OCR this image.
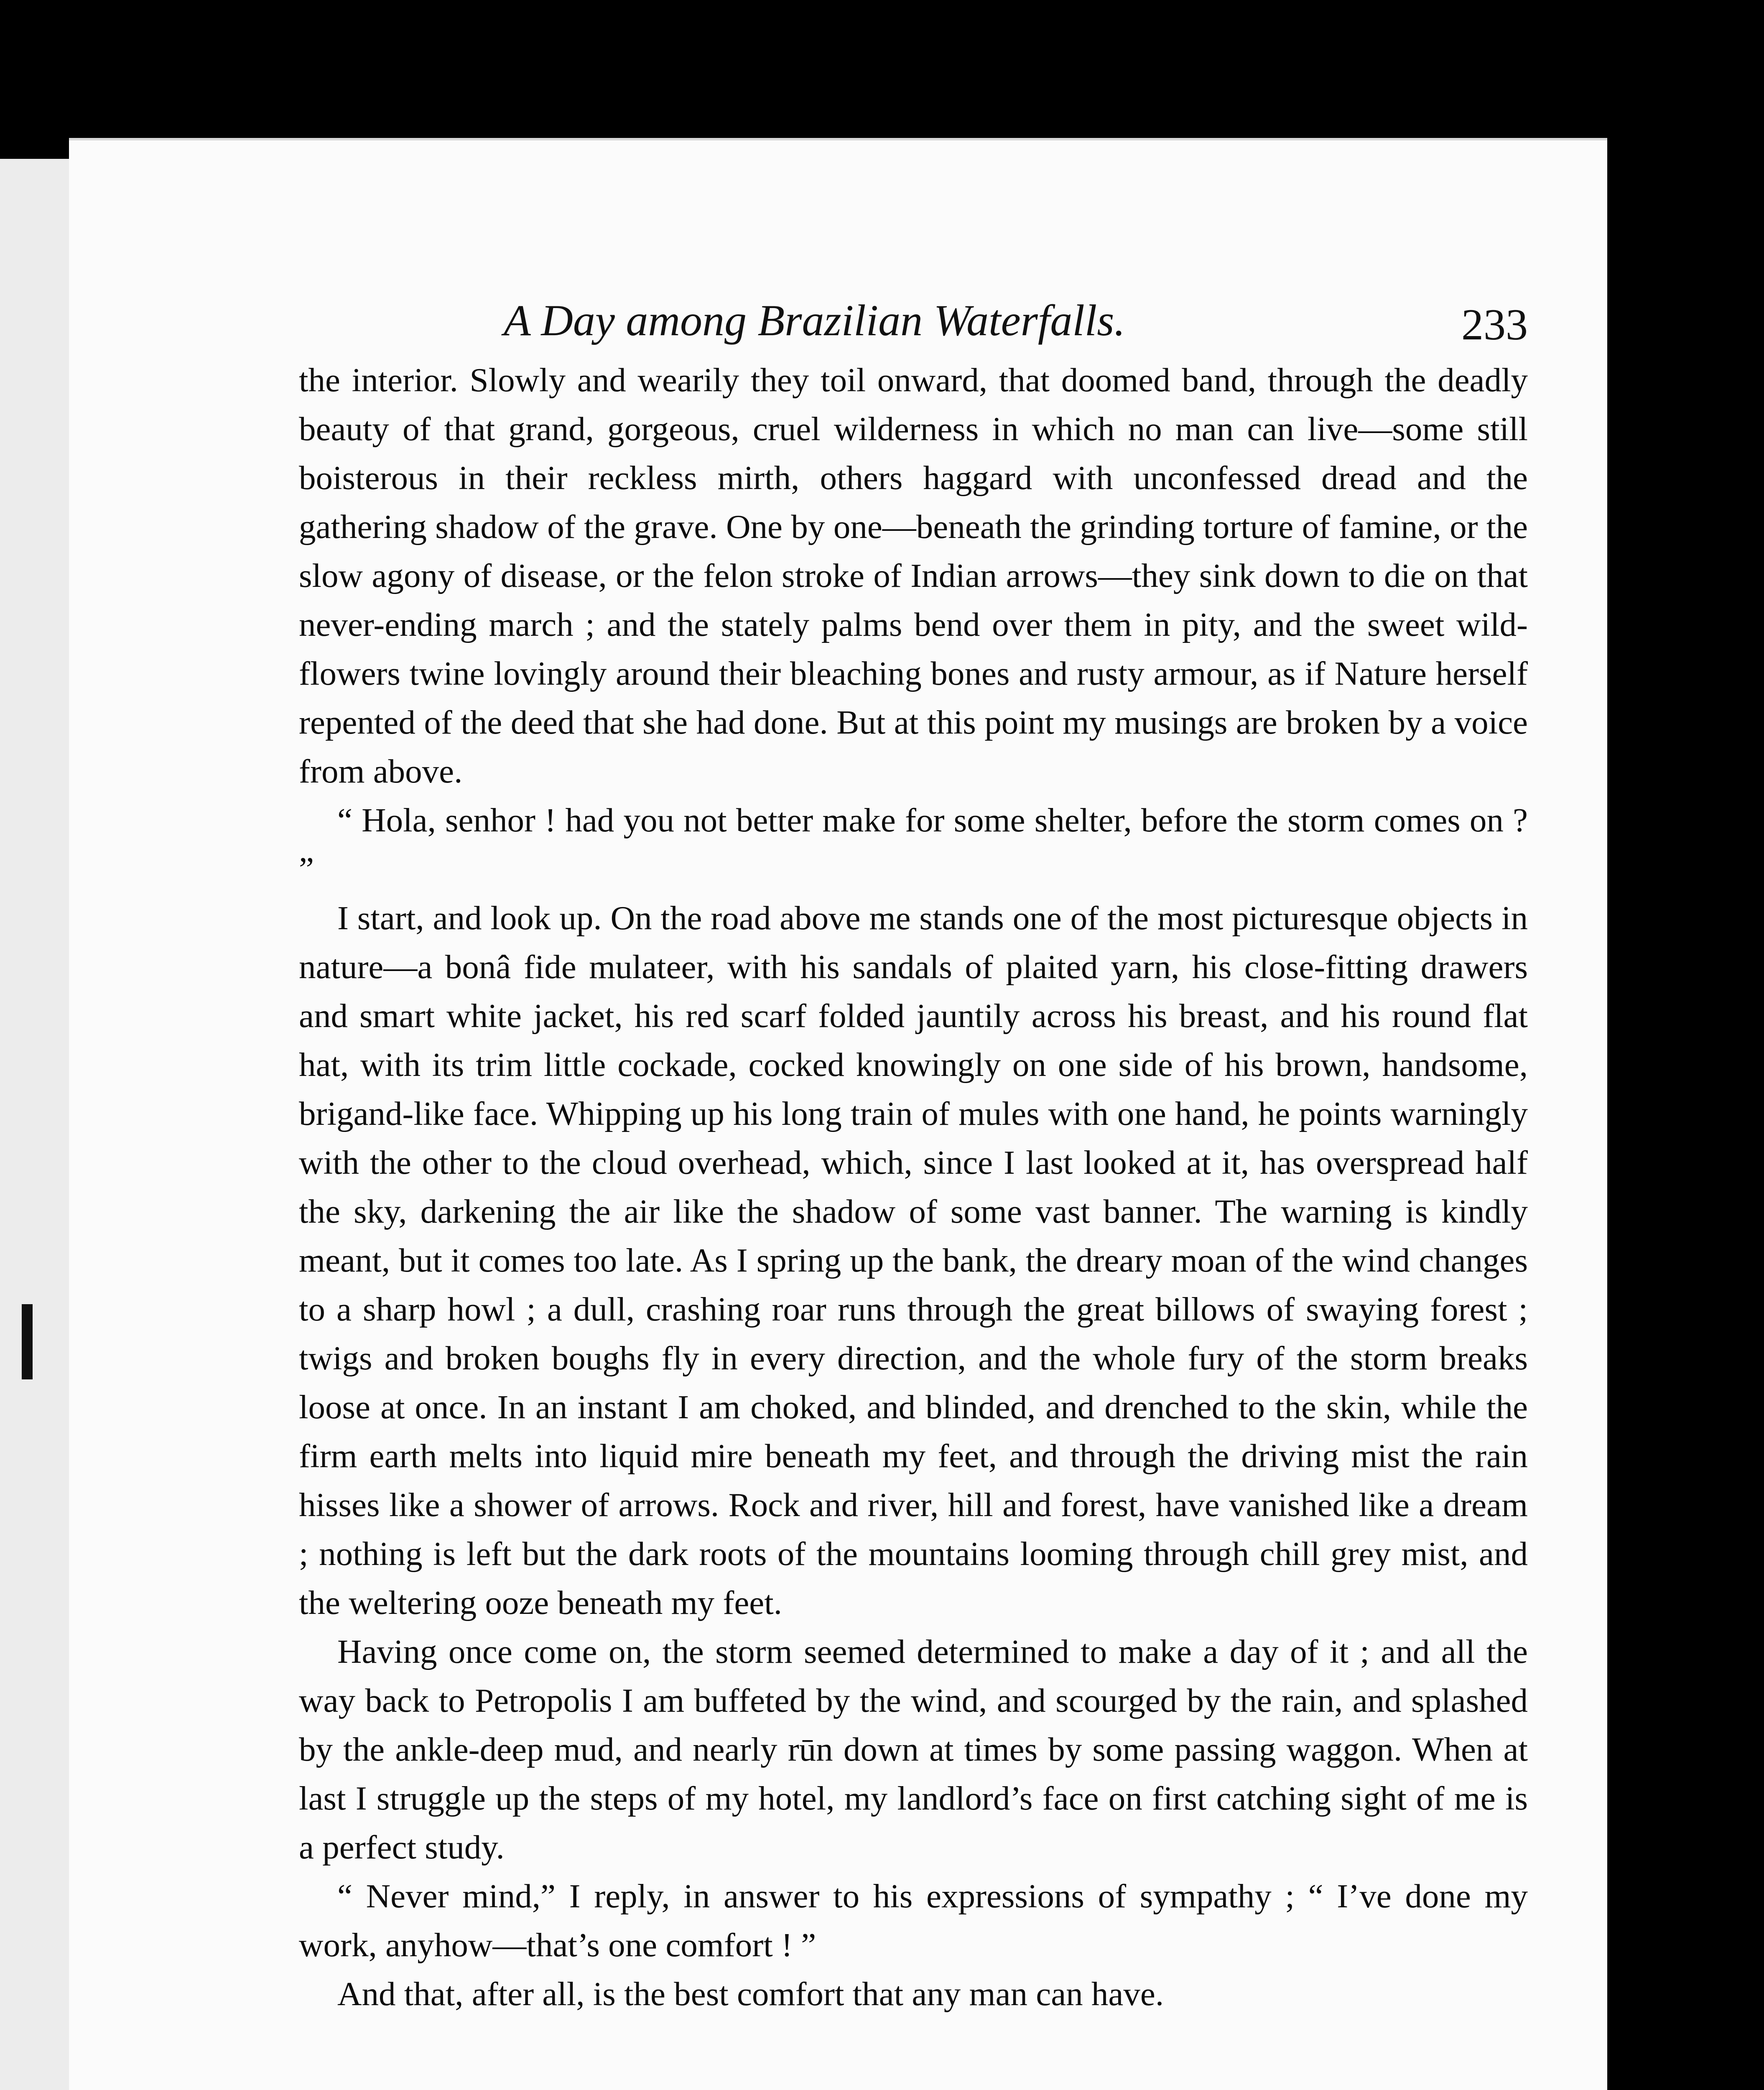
A Day among Brazilian Waterfalls.	233

the interior. Slowly and wearily they toil onward, that doomed band, through the deadly beauty of that grand, gorgeous, cruel wilderness in which no man can live—some still boisterous in their reckless mirth, others haggard with unconfessed dread and the gathering shadow of the grave. One by one—beneath the grinding torture of famine, or the slow agony of disease, or the felon stroke of Indian arrows—they sink down to die on that never-ending march ; and the stately palms bend over them in pity, and the sweet wild-flowers twine lovingly around their bleaching bones and rusty armour, as if Nature herself repented of the deed that she had done. But at this point my musings are broken by a voice from above.

“ Hola, senhor ! had you not better make for some shelter, before the storm comes on ? ”

I start, and look up. On the road above me stands one of the most picturesque objects in nature—a bonâ fide mulateer, with his sandals of plaited yarn, his close-fitting drawers and smart white jacket, his red scarf folded jauntily across his breast, and his round flat hat, with its trim little cockade, cocked knowingly on one side of his brown, handsome, brigand-like face. Whipping up his long train of mules with one hand, he points warningly with the other to the cloud overhead, which, since I last looked at it, has overspread half the sky, darkening the air like the shadow of some vast banner. The warning is kindly meant, but it comes too late. As I spring up the bank, the dreary moan of the wind changes to a sharp howl ; a dull, crashing roar runs through the great billows of swaying forest ; twigs and broken boughs fly in every direction, and the whole fury of the storm breaks loose at once. In an instant I am choked, and blinded, and drenched to the skin, while the firm earth melts into liquid mire beneath my feet, and through the driving mist the rain hisses like a shower of arrows. Rock and river, hill and forest, have vanished like a dream ; nothing is left but the dark roots of the mountains looming through chill grey mist, and the weltering ooze beneath my feet.

Having once come on, the storm seemed determined to make a day of it ; and all the way back to Petropolis I am buffeted by the wind, and scourged by the rain, and splashed by the ankle-deep mud, and nearly rūn down at times by some passing waggon. When at last I struggle up the steps of my hotel, my landlord’s face on first catching sight of me is a perfect study.

“ Never mind,” I reply, in answer to his expressions of sympathy ; “ I’ve done my work, anyhow—that’s one comfort ! ”

And that, after all, is the best comfort that any man can have.
